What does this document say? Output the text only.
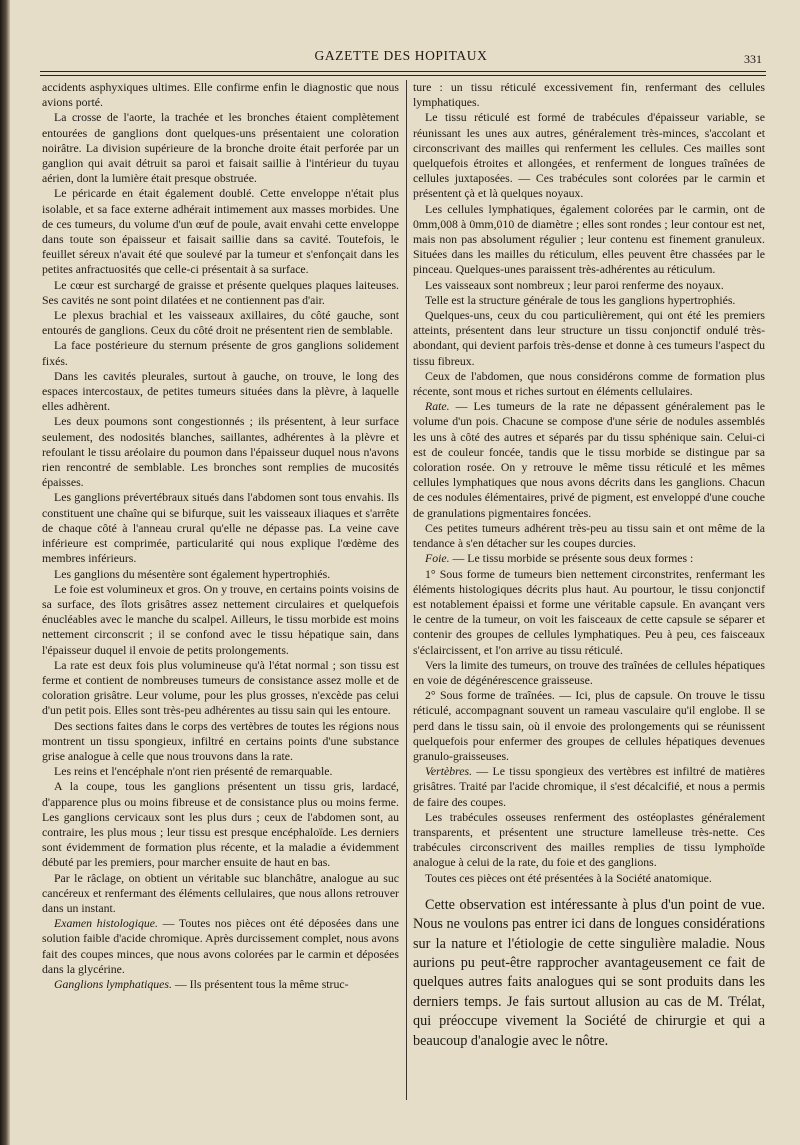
GAZETTE DES HOPITAUX	331

accidents asphyxiques ultimes. Elle confirme enfin le diagnostic que nous avions porté.

La crosse de l'aorte, la trachée et les bronches étaient complètement entourées de ganglions dont quelques-uns présentaient une coloration noirâtre. La division supérieure de la bronche droite était perforée par un ganglion qui avait détruit sa paroi et faisait saillie à l'intérieur du tuyau aérien, dont la lumière était presque obstruée.

Le péricarde en était également doublé. Cette enveloppe n'était plus isolable, et sa face externe adhérait intimement aux masses morbides. Une de ces tumeurs, du volume d'un œuf de poule, avait envahi cette enveloppe dans toute son épaisseur et faisait saillie dans sa cavité. Toutefois, le feuillet séreux n'avait été que soulevé par la tumeur et s'enfonçait dans les petites anfractuosités que celle-ci présentait à sa surface.

Le cœur est surchargé de graisse et présente quelques plaques laiteuses. Ses cavités ne sont point dilatées et ne contiennent pas d'air.

Le plexus brachial et les vaisseaux axillaires, du côté gauche, sont entourés de ganglions. Ceux du côté droit ne présentent rien de semblable.

La face postérieure du sternum présente de gros ganglions solidement fixés.

Dans les cavités pleurales, surtout à gauche, on trouve, le long des espaces intercostaux, de petites tumeurs situées dans la plèvre, à laquelle elles adhèrent.

Les deux poumons sont congestionnés ; ils présentent, à leur surface seulement, des nodosités blanches, saillantes, adhérentes à la plèvre et refoulant le tissu aréolaire du poumon dans l'épaisseur duquel nous n'avons rien rencontré de semblable. Les bronches sont remplies de mucosités épaisses.

Les ganglions prévertébraux situés dans l'abdomen sont tous envahis. Ils constituent une chaîne qui se bifurque, suit les vaisseaux iliaques et s'arrête de chaque côté à l'anneau crural qu'elle ne dépasse pas. La veine cave inférieure est comprimée, particularité qui nous explique l'œdème des membres inférieurs.

Les ganglions du mésentère sont également hypertrophiés.

Le foie est volumineux et gros. On y trouve, en certains points voisins de sa surface, des îlots grisâtres assez nettement circulaires et quelquefois énucléables avec le manche du scalpel. Ailleurs, le tissu morbide est moins nettement circonscrit ; il se confond avec le tissu hépatique sain, dans l'épaisseur duquel il envoie de petits prolongements.

La rate est deux fois plus volumineuse qu'à l'état normal ; son tissu est ferme et contient de nombreuses tumeurs de consistance assez molle et de coloration grisâtre. Leur volume, pour les plus grosses, n'excède pas celui d'un petit pois. Elles sont très-peu adhérentes au tissu sain qui les entoure.

Des sections faites dans le corps des vertèbres de toutes les régions nous montrent un tissu spongieux, infiltré en certains points d'une substance grise analogue à celle que nous trouvons dans la rate.

Les reins et l'encéphale n'ont rien présenté de remarquable.

A la coupe, tous les ganglions présentent un tissu gris, lardacé, d'apparence plus ou moins fibreuse et de consistance plus ou moins ferme. Les ganglions cervicaux sont les plus durs ; ceux de l'abdomen sont, au contraire, les plus mous ; leur tissu est presque encéphaloïde. Les derniers sont évidemment de formation plus récente, et la maladie a évidemment débuté par les premiers, pour marcher ensuite de haut en bas.

Par le râclage, on obtient un véritable suc blanchâtre, analogue au suc cancéreux et renfermant des éléments cellulaires, que nous allons retrouver dans un instant.

Examen histologique. — Toutes nos pièces ont été déposées dans une solution faible d'acide chromique. Après durcissement complet, nous avons fait des coupes minces, que nous avons colorées par le carmin et déposées dans la glycérine.

Ganglions lymphatiques. — Ils présentent tous la même struc-

ture : un tissu réticulé excessivement fin, renfermant des cellules lymphatiques.

Le tissu réticulé est formé de trabécules d'épaisseur variable, se réunissant les unes aux autres, généralement très-minces, s'accolant et circonscrivant des mailles qui renferment les cellules. Ces mailles sont quelquefois étroites et allongées, et renferment de longues traînées de cellules juxtaposées. — Ces trabécules sont colorées par le carmin et présentent çà et là quelques noyaux.

Les cellules lymphatiques, également colorées par le carmin, ont de 0mm,008 à 0mm,010 de diamètre ; elles sont rondes ; leur contour est net, mais non pas absolument régulier ; leur contenu est finement granuleux. Situées dans les mailles du réticulum, elles peuvent être chassées par le pinceau. Quelques-unes paraissent très-adhérentes au réticulum.

Les vaisseaux sont nombreux ; leur paroi renferme des noyaux.

Telle est la structure générale de tous les ganglions hypertrophiés.

Quelques-uns, ceux du cou particulièrement, qui ont été les premiers atteints, présentent dans leur structure un tissu conjonctif ondulé très-abondant, qui devient parfois très-dense et donne à ces tumeurs l'aspect du tissu fibreux.

Ceux de l'abdomen, que nous considérons comme de formation plus récente, sont mous et riches surtout en éléments cellulaires.

Rate. — Les tumeurs de la rate ne dépassent généralement pas le volume d'un pois. Chacune se compose d'une série de nodules assemblés les uns à côté des autres et séparés par du tissu sphénique sain. Celui-ci est de couleur foncée, tandis que le tissu morbide se distingue par sa coloration rosée. On y retrouve le même tissu réticulé et les mêmes cellules lymphatiques que nous avons décrits dans les ganglions. Chacun de ces nodules élémentaires, privé de pigment, est enveloppé d'une couche de granulations pigmentaires foncées.

Ces petites tumeurs adhérent très-peu au tissu sain et ont même de la tendance à s'en détacher sur les coupes durcies.

Foie. — Le tissu morbide se présente sous deux formes :

1° Sous forme de tumeurs bien nettement circonstrites, renfermant les éléments histologiques décrits plus haut. Au pourtour, le tissu conjonctif est notablement épaissi et forme une véritable capsule. En avançant vers le centre de la tumeur, on voit les faisceaux de cette capsule se séparer et contenir des groupes de cellules lymphatiques. Peu à peu, ces faisceaux s'éclaircissent, et l'on arrive au tissu réticulé.

Vers la limite des tumeurs, on trouve des traînées de cellules hépatiques en voie de dégénérescence graisseuse.

2° Sous forme de traînées. — Ici, plus de capsule. On trouve le tissu réticulé, accompagnant souvent un rameau vasculaire qu'il englobe. Il se perd dans le tissu sain, où il envoie des prolongements qui se réunissent quelquefois pour enfermer des groupes de cellules hépatiques devenues granulo-graisseuses.

Vertèbres. — Le tissu spongieux des vertèbres est infiltré de matières grisâtres. Traité par l'acide chromique, il s'est décalcifié, et nous a permis de faire des coupes.

Les trabécules osseuses renferment des ostéoplastes généralement transparents, et présentent une structure lamelleuse très-nette. Ces trabécules circonscrivent des mailles remplies de tissu lymphoïde analogue à celui de la rate, du foie et des ganglions.

Toutes ces pièces ont été présentées à la Société anatomique.

Cette observation est intéressante à plus d'un point de vue. Nous ne voulons pas entrer ici dans de longues considérations sur la nature et l'étiologie de cette singulière maladie. Nous aurions pu peut-être rapprocher avantageusement ce fait de quelques autres faits analogues qui se sont produits dans les derniers temps. Je fais surtout allusion au cas de M. Trélat, qui préoccupe vivement la Société de chirurgie et qui a beaucoup d'analogie avec le nôtre.
